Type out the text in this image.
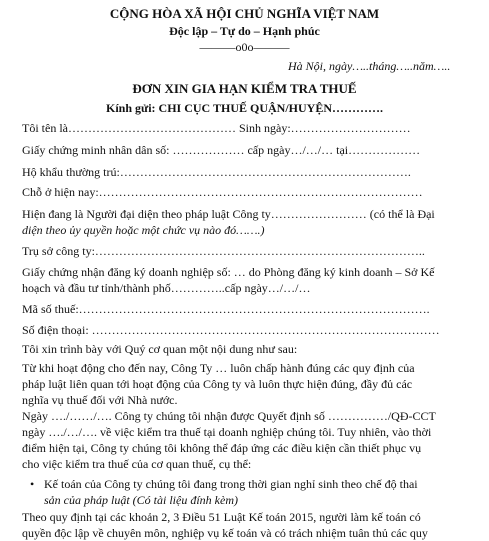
CỘNG HÒA XÃ HỘI CHỦ NGHĨA VIỆT NAM
Độc lập – Tự do – Hạnh phúc
———o0o———
Hà Nội, ngày…..tháng…..năm…..
ĐƠN XIN GIA HẠN KIỂM TRA THUẾ
Kính gửi: CHI CỤC THUẾ QUẬN/HUYỆN………….
Tôi tên là…………………………………… Sinh ngày:…………………………
Giấy chứng minh nhân dân số: ……………… cấp ngày…/…/… tại………………
Hộ khẩu thường trú:……………………………………………………………….
Chỗ ở hiện nay:………………………………………………………………………
Hiện đang là Người đại diện theo pháp luật Công ty…………………… (có thể là Đại
diện theo ủy quyền hoặc một chức vụ nào đó…….)
Trụ sở công ty:………………………………………………………………………..
Giấy chứng nhận đăng ký doanh nghiệp số: … do Phòng đăng ký kinh doanh – Sở Kế
hoạch và đầu tư tỉnh/thành phố…………..cấp ngày…/…/…
Mã số thuế:…………………………………………………………………………….
Số điện thoại: ……………………………………………………………………………
Tôi xin trình bày với Quý cơ quan một nội dung như sau:
Từ khi hoạt động cho đến nay, Công Ty … luôn chấp hành đúng các quy định của
pháp luật liên quan tới hoạt động của Công ty và luôn thực hiện đúng, đầy đủ các
nghĩa vụ thuế đối với Nhà nước.
Ngày …./……/…. Công ty chúng tôi nhận được Quyết định số ……………/QĐ-CCT
ngày …./…/…. về việc kiểm tra thuế tại doanh nghiệp chúng tôi. Tuy nhiên, vào thời
điểm hiện tại, Công ty chúng tôi không thể đáp ứng các điều kiện cần thiết phục vụ
cho việc kiểm tra thuế của cơ quan thuế, cụ thể:
• Kế toán của Công ty chúng tôi đang trong thời gian nghỉ sinh theo chế độ thai
sản của pháp luật (Có tài liệu đính kèm)
Theo quy định tại các khoản 2, 3 Điều 51 Luật Kế toán 2015, người làm kế toán có
quyền độc lập về chuyên môn, nghiệp vụ kế toán và có trách nhiệm tuân thủ các quy
